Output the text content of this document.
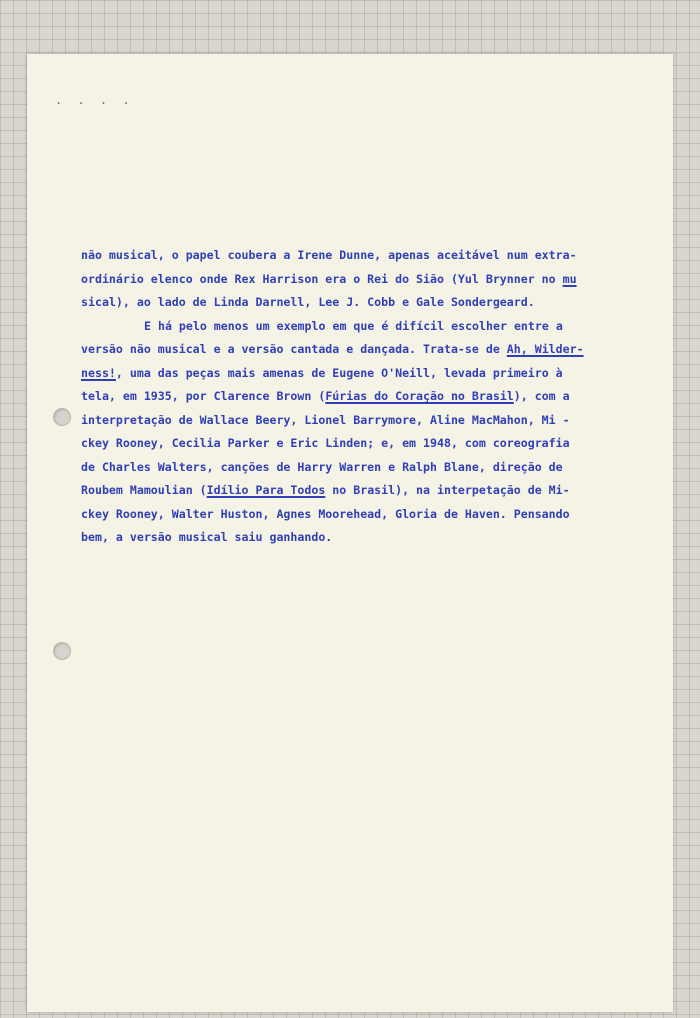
. . . .
não musical, o papel coubera a Irene Dunne, apenas aceitável num extra-
ordinário elenco onde Rex Harrison era o Rei do Sião (Yul Brynner no mu
sical), ao lado de Linda Darnell, Lee J. Cobb e Gale Sondergeard.
E há pelo menos um exemplo em que é difícil escolher entre a
versão não musical e a versão cantada e dançada. Trata-se de Ah, Wilder-
ness!, uma das peças mais amenas de Eugene O'Neill, levada primeiro à
tela, em 1935, por Clarence Brown (Fúrias do Coração no Brasil), com a
interpretação de Wallace Beery, Lionel Barrymore, Aline MacMahon, Mi -
ckey Rooney, Cecilia Parker e Eric Linden; e, em 1948, com coreografia
de Charles Walters, canções de Harry Warren e Ralph Blane, direção de
Roubem Mamoulian (Idílio Para Todos no Brasil), na interpetação de Mi-
ckey Rooney, Walter Huston, Agnes Moorehead, Gloria de Haven. Pensando
bem, a versão musical saiu ganhando.
